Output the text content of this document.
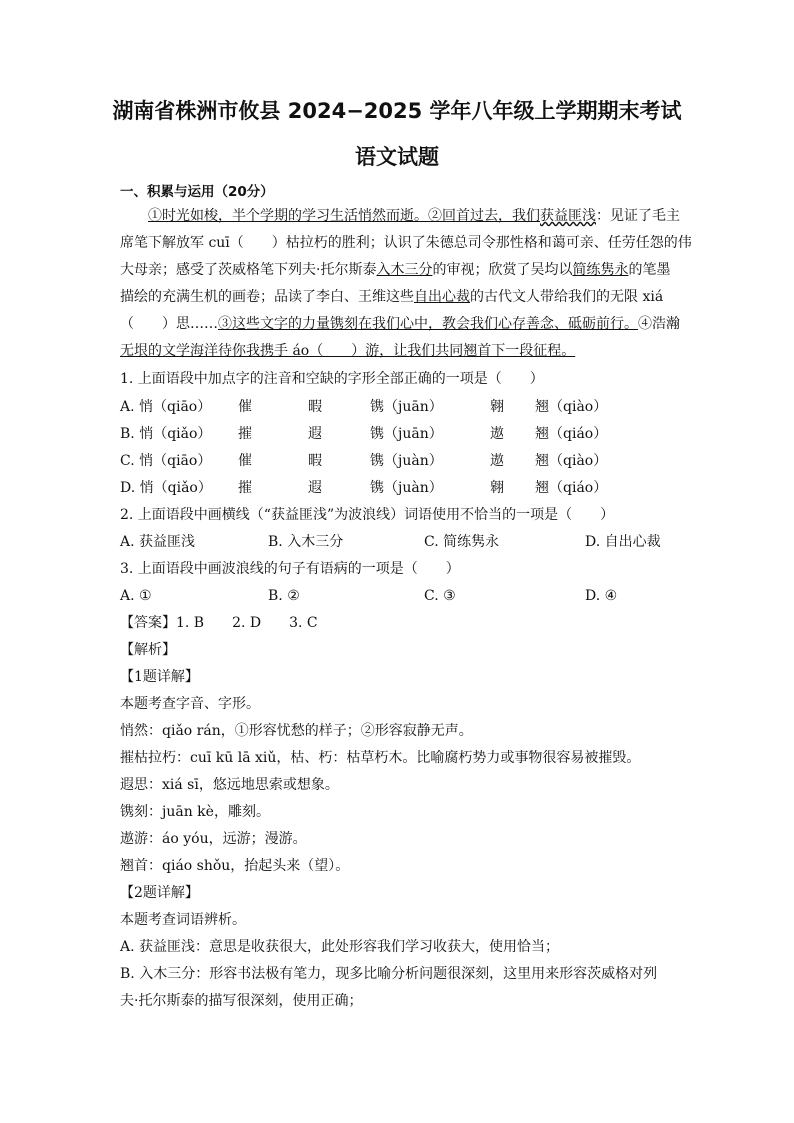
湖南省株洲市攸县 2024−2025 学年八年级上学期期末考试
语文试题
一、积累与运用（20分）
①时光如梭，半个学期的学习生活悄然而逝。②回首过去，我们获益匪浅：见证了毛主
席笔下解放军 cuī（　　）枯拉朽的胜利；认识了朱德总司令那性格和蔼可亲、任劳任怨的伟
大母亲；感受了茨威格笔下列夫·托尔斯泰入木三分的审视；欣赏了吴均以简练隽永的笔墨
描绘的充满生机的画卷；品读了李白、王维这些自出心裁的古代文人带给我们的无限 xiá
（　　）思……③这些文字的力量镌刻在我们心中，教会我们心存善念、砥砺前行。④浩瀚
无垠的文学海洋待你我携手 áo（　　）游，让我们共同翘首下一段征程。
1. 上面语段中加点字的注音和空缺的字形全部正确的一项是（　　）
A. 悄（qiāo） 催	暇	镌（juān）	翱 翘（qiào）
B. 悄（qiǎo） 摧	遐	镌（juān）	遨 翘（qiáo）
C. 悄（qiāo） 催	暇	镌（juàn）	遨 翘（qiào）
D. 悄（qiǎo） 摧	遐	镌（juàn）	翱 翘（qiáo）
2. 上面语段中画横线（“获益匪浅”为波浪线）词语使用不恰当的一项是（　　）
A. 获益匪浅	B. 入木三分	C. 简练隽永	D. 自出心裁
3. 上面语段中画波浪线的句子有语病的一项是（　　）
A. ①	B. ②	C. ③	D. ④
【答案】1. B　　2. D　　3. C
【解析】
【1题详解】
本题考查字音、字形。
悄然：qiǎo rán，①形容忧愁的样子；②形容寂静无声。
摧枯拉朽：cuī kū lā xiǔ，枯、朽：枯草朽木。比喻腐朽势力或事物很容易被摧毁。
遐思：xiá sī，悠远地思索或想象。
镌刻：juān kè，雕刻。
遨游：áo yóu，远游；漫游。
翘首：qiáo shǒu，抬起头来（望）。
【2题详解】
本题考查词语辨析。
A. 获益匪浅：意思是收获很大，此处形容我们学习收获大，使用恰当；
B. 入木三分：形容书法极有笔力，现多比喻分析问题很深刻，这里用来形容茨威格对列
夫·托尔斯泰的描写很深刻，使用正确；
